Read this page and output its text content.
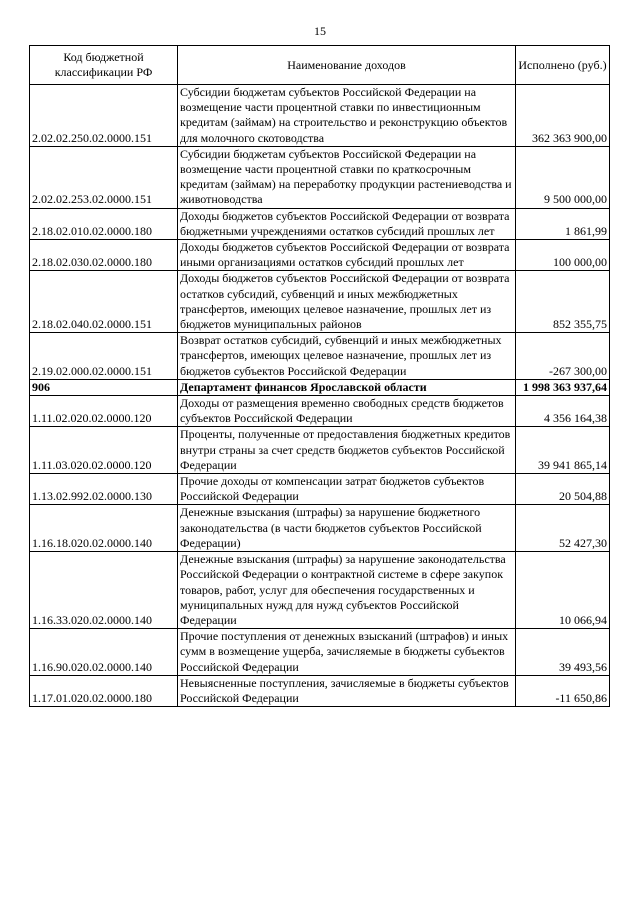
15
Код бюджетной классификации РФ	Наименование доходов	Исполнено (руб.)
2.02.02.250.02.0000.151	Субсидии бюджетам субъектов Российской Федерации на возмещение части процентной ставки по инвестиционным кредитам (займам) на строительство и реконструкцию объектов для молочного скотоводства	362 363 900,00
2.02.02.253.02.0000.151	Субсидии бюджетам субъектов Российской Федерации на возмещение части процентной ставки по краткосрочным кредитам (займам) на переработку продукции растениеводства и животноводства	9 500 000,00
2.18.02.010.02.0000.180	Доходы бюджетов субъектов Российской Федерации от возврата бюджетными учреждениями остатков субсидий прошлых лет	1 861,99
2.18.02.030.02.0000.180	Доходы бюджетов субъектов Российской Федерации от возврата иными организациями остатков субсидий прошлых лет	100 000,00
2.18.02.040.02.0000.151	Доходы бюджетов субъектов Российской Федерации от возврата остатков субсидий, субвенций и иных межбюджетных трансфертов, имеющих целевое назначение, прошлых лет из бюджетов муниципальных районов	852 355,75
2.19.02.000.02.0000.151	Возврат остатков субсидий, субвенций и иных межбюджетных трансфертов, имеющих целевое назначение, прошлых лет из бюджетов субъектов Российской Федерации	-267 300,00
906	Департамент финансов Ярославской области	1 998 363 937,64
1.11.02.020.02.0000.120	Доходы от размещения временно свободных средств бюджетов субъектов Российской Федерации	4 356 164,38
1.11.03.020.02.0000.120	Проценты, полученные от предоставления бюджетных кредитов внутри страны за счет средств бюджетов субъектов Российской Федерации	39 941 865,14
1.13.02.992.02.0000.130	Прочие доходы от компенсации затрат бюджетов субъектов Российской Федерации	20 504,88
1.16.18.020.02.0000.140	Денежные взыскания (штрафы) за нарушение бюджетного законодательства (в части бюджетов субъектов Российской Федерации)	52 427,30
1.16.33.020.02.0000.140	Денежные взыскания (штрафы) за нарушение законодательства Российской Федерации о контрактной системе в сфере закупок товаров, работ, услуг для обеспечения государственных и муниципальных нужд для нужд субъектов Российской Федерации	10 066,94
1.16.90.020.02.0000.140	Прочие поступления от денежных взысканий (штрафов) и иных сумм в возмещение ущерба, зачисляемые в бюджеты субъектов Российской Федерации	39 493,56
1.17.01.020.02.0000.180	Невыясненные поступления, зачисляемые в бюджеты субъектов Российской Федерации	-11 650,86
